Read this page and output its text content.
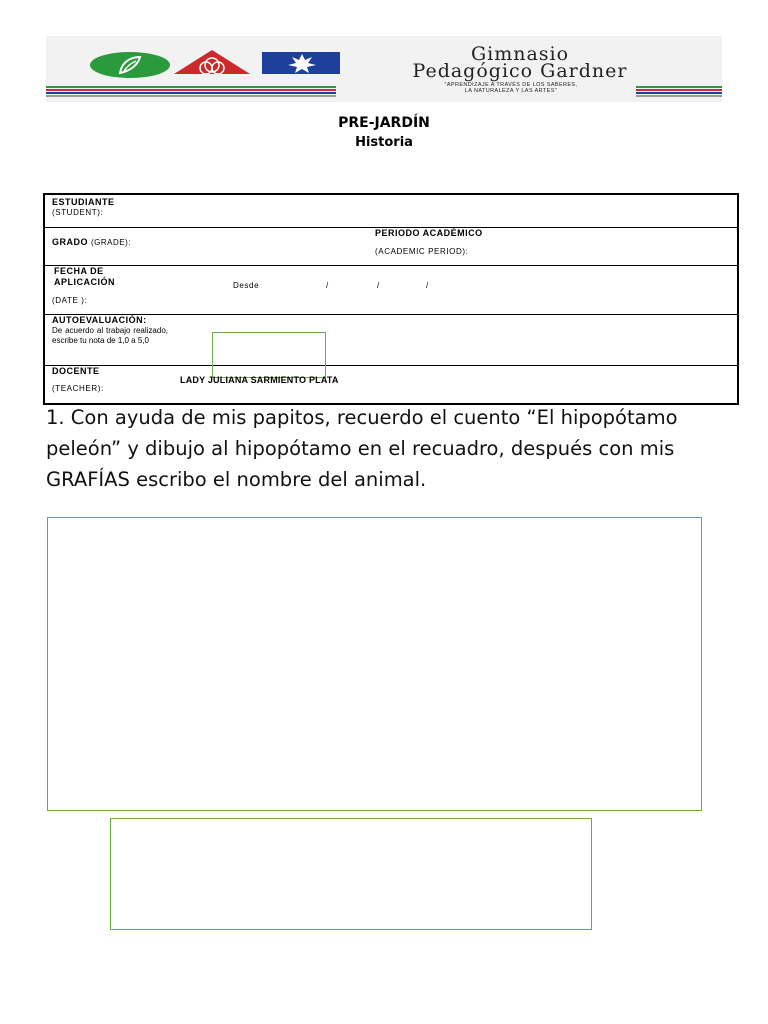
Gimnasio
Pedagógico Gardner
"APRENDIZAJE A TRAVÉS DE LOS SABERES,
LA NATURALEZA Y LAS ARTES"
PRE-JARDÍN
Historia
ESTUDIANTE
(STUDENT):
GRADO (GRADE):
PERIODO ACADÉMICO
(ACADEMIC PERIOD):
FECHA DE
APLICACIÓN
(DATE ):
Desde	/	/	/
AUTOEVALUACIÓN:
De acuerdo al trabajo realizado, escribe tu nota de 1,0 a 5,0
DOCENTE
(TEACHER):
LADY JULIANA SARMIENTO PLATA
1. Con ayuda de mis papitos, recuerdo el cuento “El hipopótamo peleón” y dibujo al hipopótamo en el recuadro, después con mis GRAFÍAS escribo el nombre del animal.
